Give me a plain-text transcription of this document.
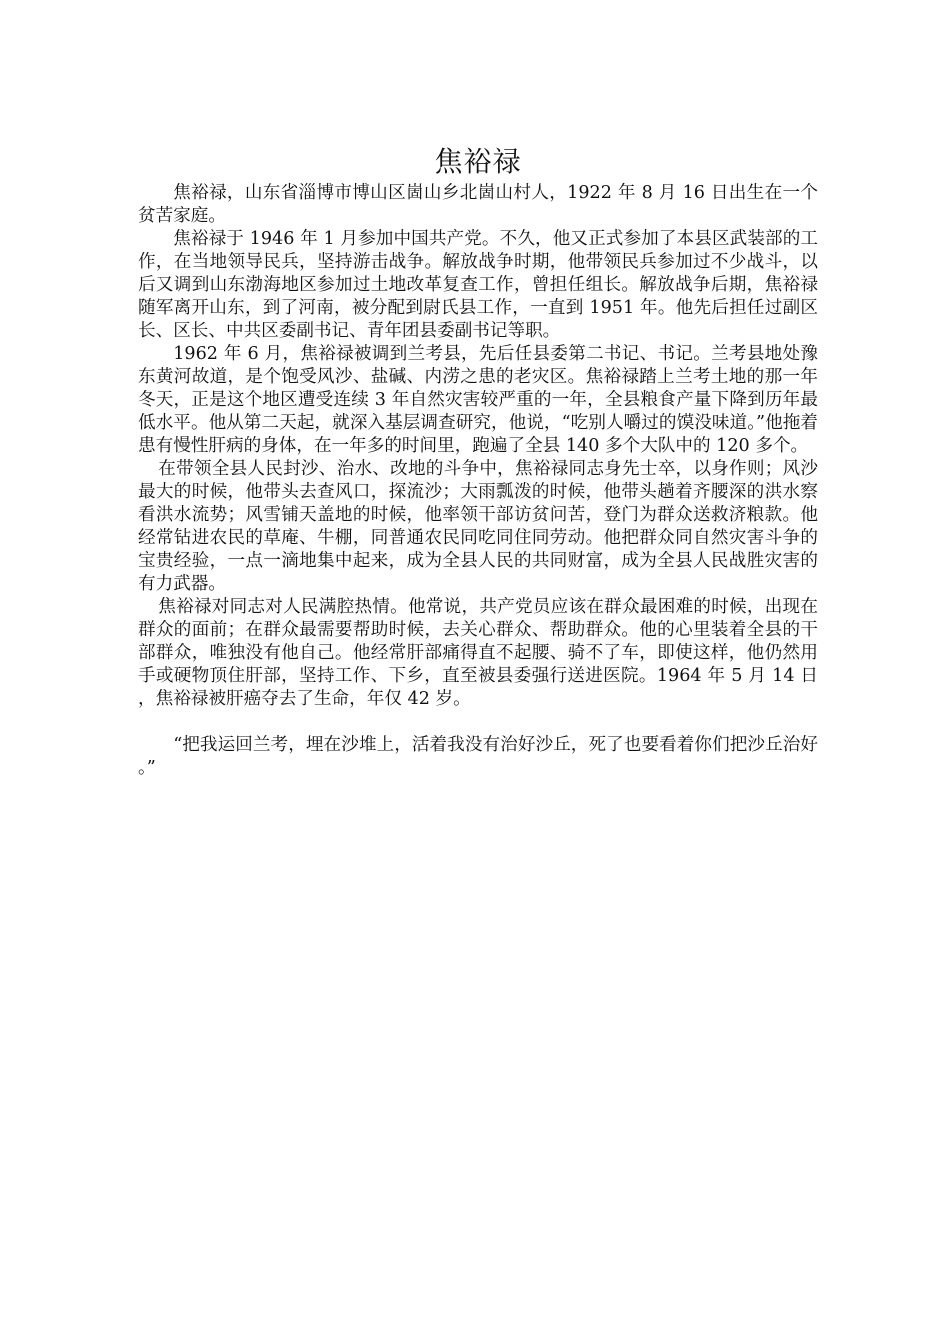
焦裕禄

焦裕禄，山东省淄博市博山区崮山乡北崮山村人，1922 年 8 月 16 日出生在一个贫苦家庭。

焦裕禄于 1946 年 1 月参加中国共产党。不久，他又正式参加了本县区武装部的工作，在当地领导民兵，坚持游击战争。解放战争时期，他带领民兵参加过不少战斗，以后又调到山东渤海地区参加过土地改革复查工作，曾担任组长。解放战争后期，焦裕禄随军离开山东，到了河南，被分配到尉氏县工作，一直到 1951 年。他先后担任过副区长、区长、中共区委副书记、青年团县委副书记等职。

1962 年 6 月，焦裕禄被调到兰考县，先后任县委第二书记、书记。兰考县地处豫东黄河故道，是个饱受风沙、盐碱、内涝之患的老灾区。焦裕禄踏上兰考土地的那一年冬天，正是这个地区遭受连续 3 年自然灾害较严重的一年，全县粮食产量下降到历年最低水平。他从第二天起，就深入基层调查研究，他说，“吃别人嚼过的馍没味道。”他拖着患有慢性肝病的身体，在一年多的时间里，跑遍了全县 140 多个大队中的 120 多个。

在带领全县人民封沙、治水、改地的斗争中，焦裕禄同志身先士卒，以身作则；风沙最大的时候，他带头去查风口，探流沙；大雨瓢泼的时候，他带头趟着齐腰深的洪水察看洪水流势；风雪铺天盖地的时候，他率领干部访贫问苦，登门为群众送救济粮款。他经常钻进农民的草庵、牛棚，同普通农民同吃同住同劳动。他把群众同自然灾害斗争的宝贵经验，一点一滴地集中起来，成为全县人民的共同财富，成为全县人民战胜灾害的有力武器。

焦裕禄对同志对人民满腔热情。他常说，共产党员应该在群众最困难的时候，出现在群众的面前；在群众最需要帮助时候，去关心群众、帮助群众。他的心里装着全县的干部群众，唯独没有他自己。他经常肝部痛得直不起腰、骑不了车，即使这样，他仍然用手或硬物顶住肝部，坚持工作、下乡，直至被县委强行送进医院。1964 年 5 月 14 日，焦裕禄被肝癌夺去了生命，年仅 42 岁。

“把我运回兰考，埋在沙堆上，活着我没有治好沙丘，死了也要看着你们把沙丘治好。”
